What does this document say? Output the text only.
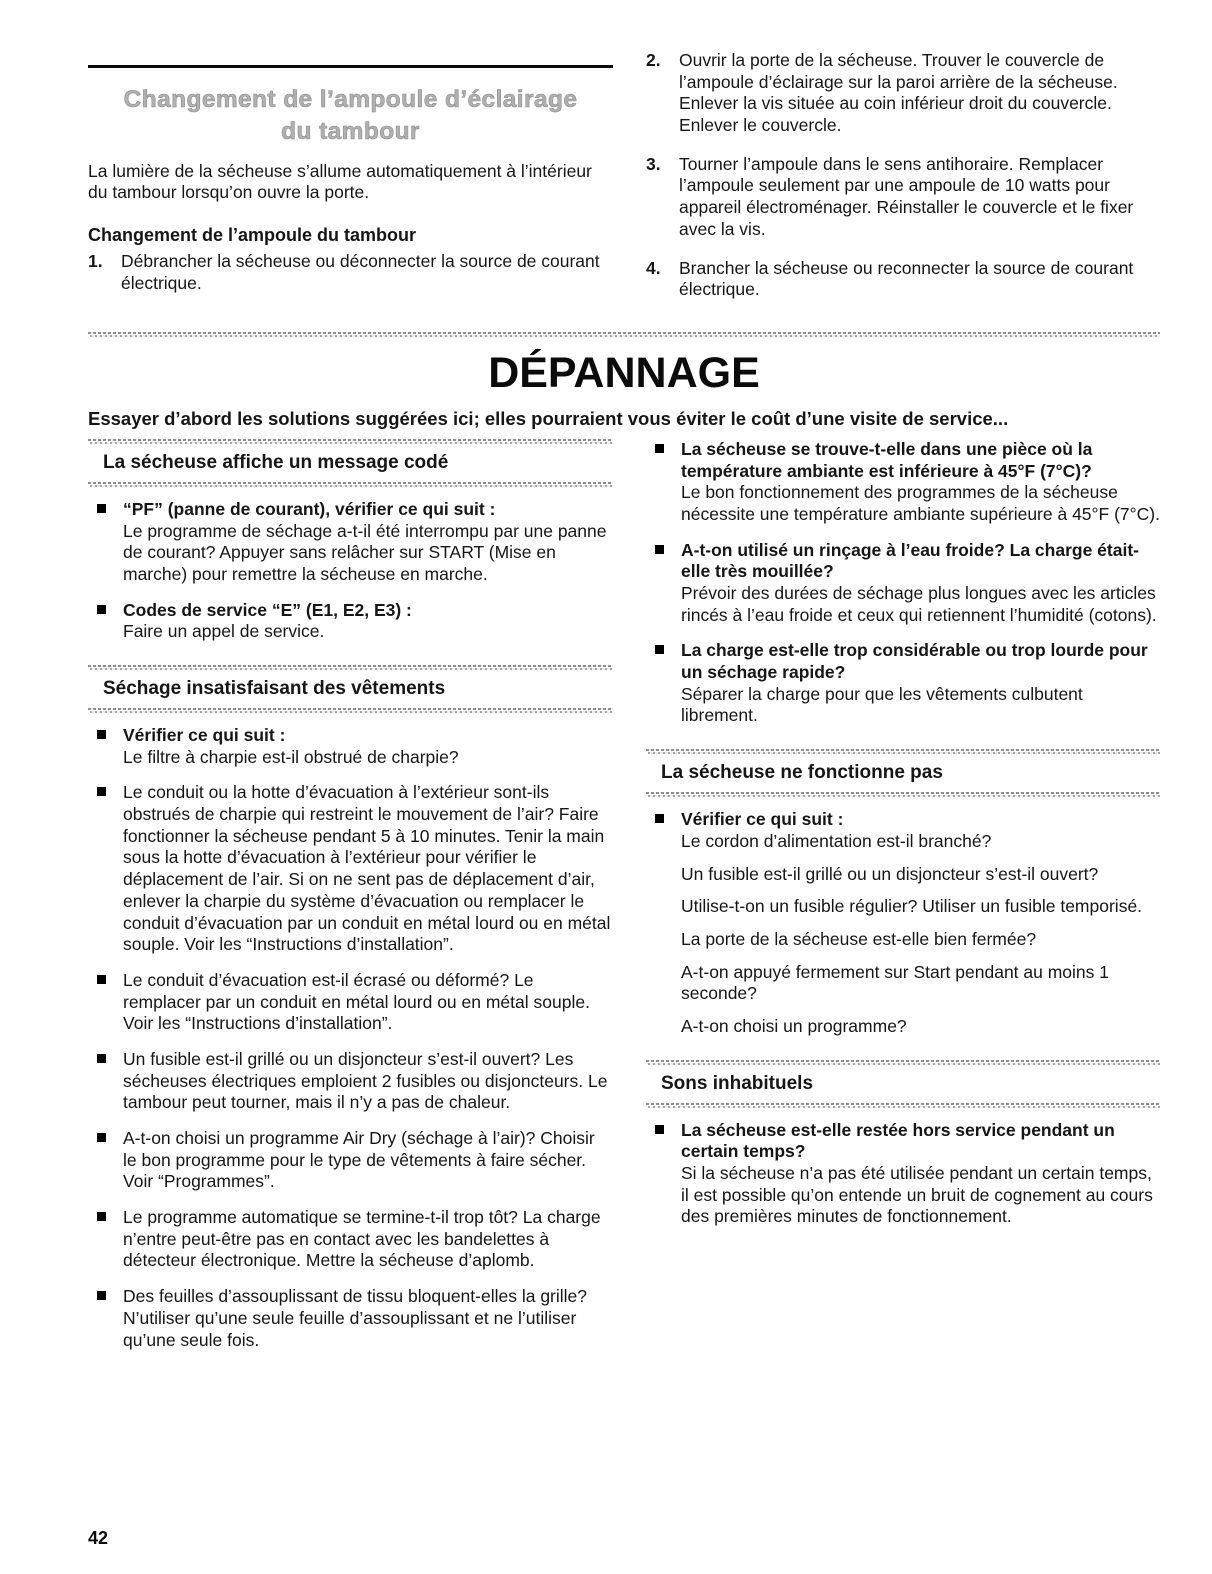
Changement de l’ampoule d’éclairage
du tambour

La lumière de la sécheuse s’allume automatiquement à l’intérieur du tambour lorsqu’on ouvre la porte.

Changement de l’ampoule du tambour
1.	Débrancher la sécheuse ou déconnecter la source de courant électrique.
2.	Ouvrir la porte de la sécheuse. Trouver le couvercle de l’ampoule d’éclairage sur la paroi arrière de la sécheuse. Enlever la vis située au coin inférieur droit du couvercle. Enlever le couvercle.
3.	Tourner l’ampoule dans le sens antihoraire. Remplacer l’ampoule seulement par une ampoule de 10 watts pour appareil électroménager. Réinstaller le couvercle et le fixer avec la vis.
4.	Brancher la sécheuse ou reconnecter la source de courant électrique.
DÉPANNAGE

Essayer d’abord les solutions suggérées ici; elles pourraient vous éviter le coût d’une visite de service...

La sécheuse affiche un message codé
“PF” (panne de courant), vérifier ce qui suit :
Le programme de séchage a-t-il été interrompu par une panne de courant? Appuyer sans relâcher sur START (Mise en marche) pour remettre la sécheuse en marche.
Codes de service “E” (E1, E2, E3) :
Faire un appel de service.
Séchage insatisfaisant des vêtements
Vérifier ce qui suit :
Le filtre à charpie est-il obstrué de charpie?
Le conduit ou la hotte d’évacuation à l’extérieur sont-ils obstrués de charpie qui restreint le mouvement de l’air? Faire fonctionner la sécheuse pendant 5 à 10 minutes. Tenir la main sous la hotte d’évacuation à l’extérieur pour vérifier le déplacement de l’air. Si on ne sent pas de déplacement d’air, enlever la charpie du système d’évacuation ou remplacer le conduit d’évacuation par un conduit en métal lourd ou en métal souple. Voir les “Instructions d’installation”.
Le conduit d’évacuation est-il écrasé ou déformé? Le remplacer par un conduit en métal lourd ou en métal souple. Voir les “Instructions d’installation”.
Un fusible est-il grillé ou un disjoncteur s’est-il ouvert? Les sécheuses électriques emploient 2 fusibles ou disjoncteurs. Le tambour peut tourner, mais il n’y a pas de chaleur.
A-t-on choisi un programme Air Dry (séchage à l’air)? Choisir le bon programme pour le type de vêtements à faire sécher. Voir “Programmes”.
Le programme automatique se termine-t-il trop tôt? La charge n’entre peut-être pas en contact avec les bandelettes à détecteur électronique. Mettre la sécheuse d’aplomb.
Des feuilles d’assouplissant de tissu bloquent-elles la grille? N’utiliser qu’une seule feuille d’assouplissant et ne l’utiliser qu’une seule fois.
La sécheuse se trouve-t-elle dans une pièce où la température ambiante est inférieure à 45°F (7°C)?
Le bon fonctionnement des programmes de la sécheuse nécessite une température ambiante supérieure à 45°F (7°C).
A-t-on utilisé un rinçage à l’eau froide? La charge était-elle très mouillée?
Prévoir des durées de séchage plus longues avec les articles rincés à l’eau froide et ceux qui retiennent l’humidité (cotons).
La charge est-elle trop considérable ou trop lourde pour un séchage rapide?
Séparer la charge pour que les vêtements culbutent librement.
La sécheuse ne fonctionne pas
Vérifier ce qui suit :

Le cordon d’alimentation est-il branché?

Un fusible est-il grillé ou un disjoncteur s’est-il ouvert?

Utilise-t-on un fusible régulier? Utiliser un fusible temporisé.

La porte de la sécheuse est-elle bien fermée?

A-t-on appuyé fermement sur Start pendant au moins 1 seconde?

A-t-on choisi un programme?

Sons inhabituels
La sécheuse est-elle restée hors service pendant un certain temps?
Si la sécheuse n’a pas été utilisée pendant un certain temps, il est possible qu’on entende un bruit de cognement au cours des premières minutes de fonctionnement.
42
